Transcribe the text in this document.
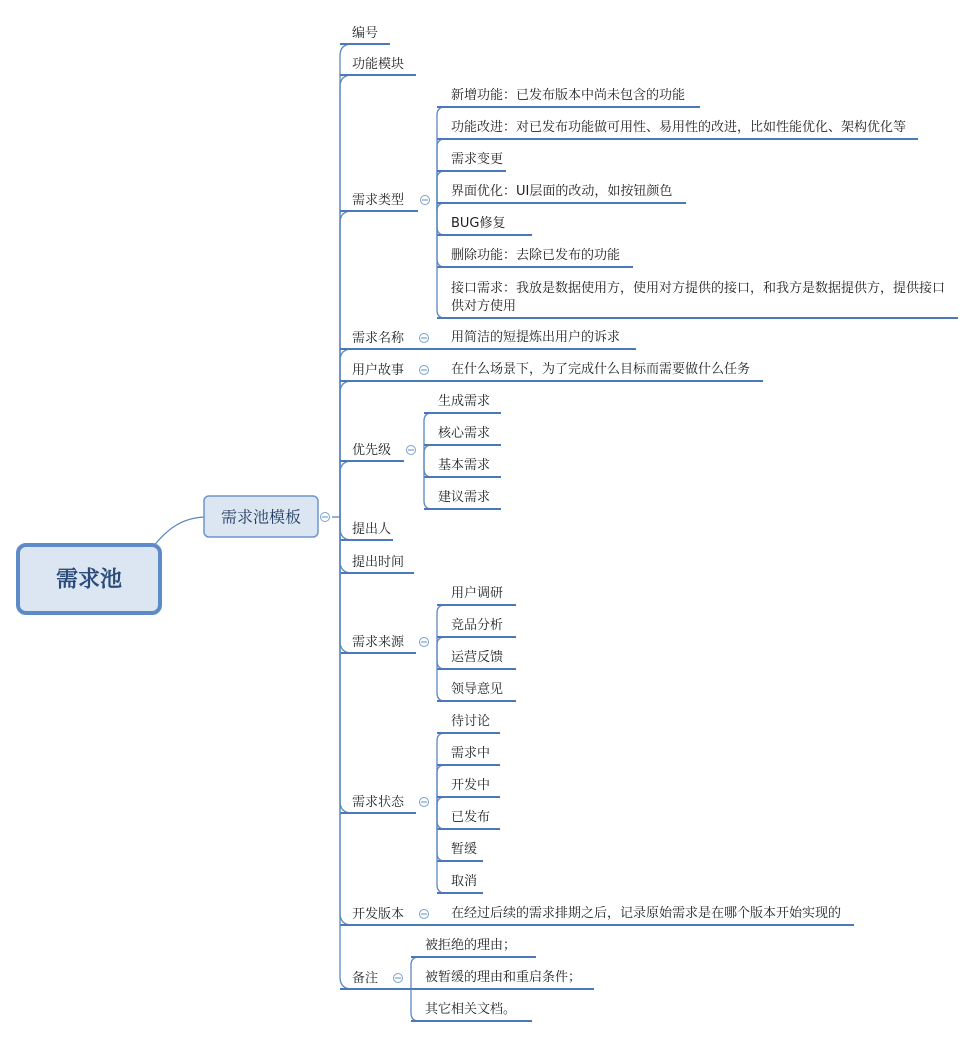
需求池
需求池模板
编号
功能模块
需求类型
新增功能：已发布版本中尚未包含的功能
功能改进：对已发布功能做可用性、易用性的改进，比如性能优化、架构优化等
需求变更
界面优化：UI层面的改动，如按钮颜色
BUG修复
删除功能：去除已发布的功能
接口需求：我放是数据使用方，使用对方提供的接口，和我方是数据提供方，提供接口
供对方使用
需求名称	用简洁的短提炼出用户的诉求
用户故事	在什么场景下，为了完成什么目标而需要做什么任务
优先级
生成需求
核心需求
基本需求
建议需求
提出人
提出时间
需求来源
用户调研
竞品分析
运营反馈
领导意见
需求状态
待讨论
需求中
开发中
已发布
暂缓
取消
开发版本	在经过后续的需求排期之后，记录原始需求是在哪个版本开始实现的
备注
被拒绝的理由；
被暂缓的理由和重启条件；
其它相关文档。
